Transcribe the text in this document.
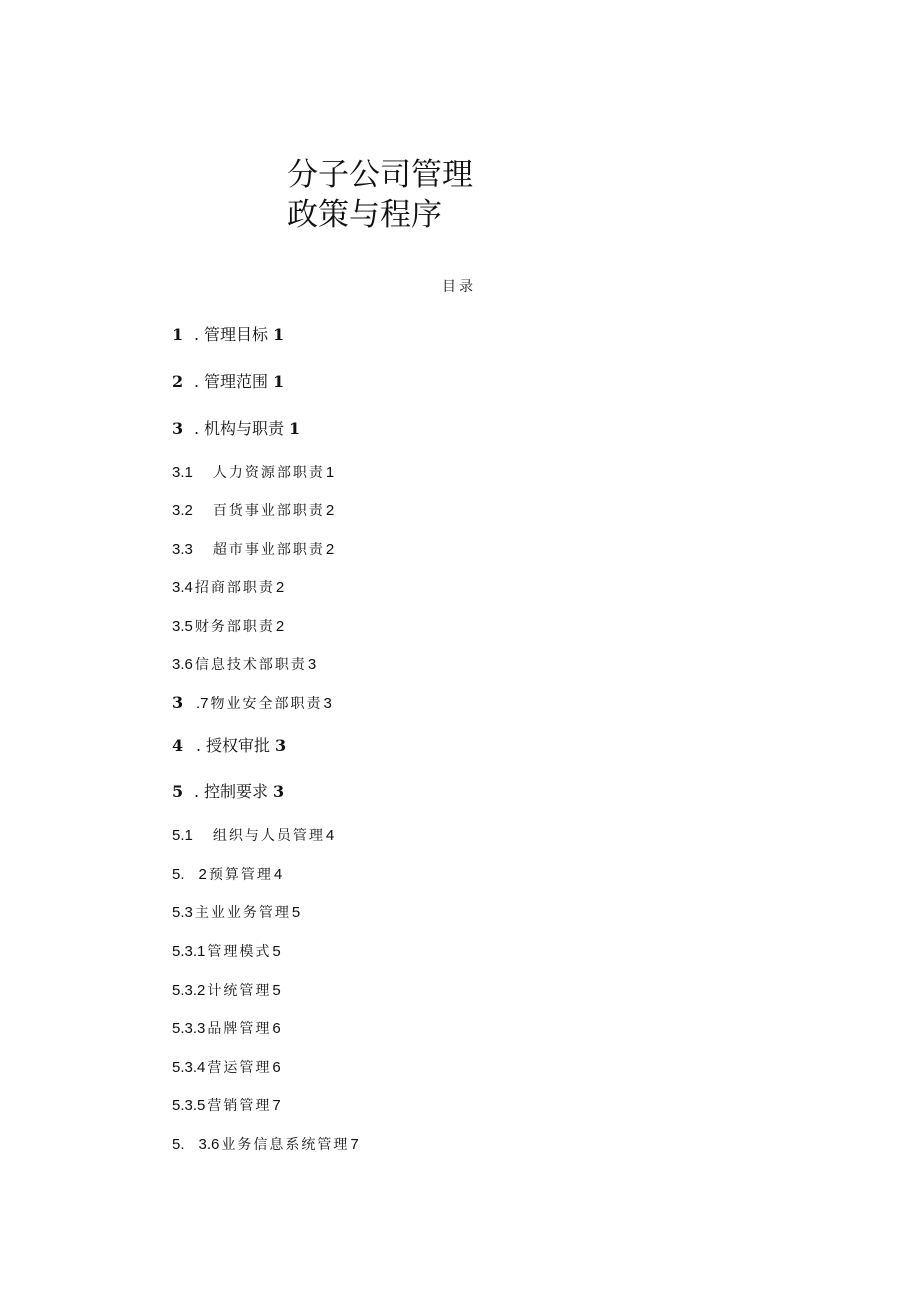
分子公司管理
政策与程序
目录
1 . 管理目标 1
2 . 管理范围 1
3 . 机构与职责 1
3.1 人力资源部职责 1
3.2 百货事业部职责 2
3.3 超市事业部职责 2
3.4 招商部职责 2
3.5 财务部职责 2
3.6 信息技术部职责 3
3 .7 物业安全部职责 3
4 . 授权审批 3
5 . 控制要求 3
5.1 组织与人员管理 4
5. 2 预算管理 4
5.3 主业业务管理 5
5.3.1 管理模式 5
5.3.2 计统管理 5
5.3.3 品牌管理 6
5.3.4 营运管理 6
5.3.5 营销管理 7
5. 3.6 业务信息系统管理 7
